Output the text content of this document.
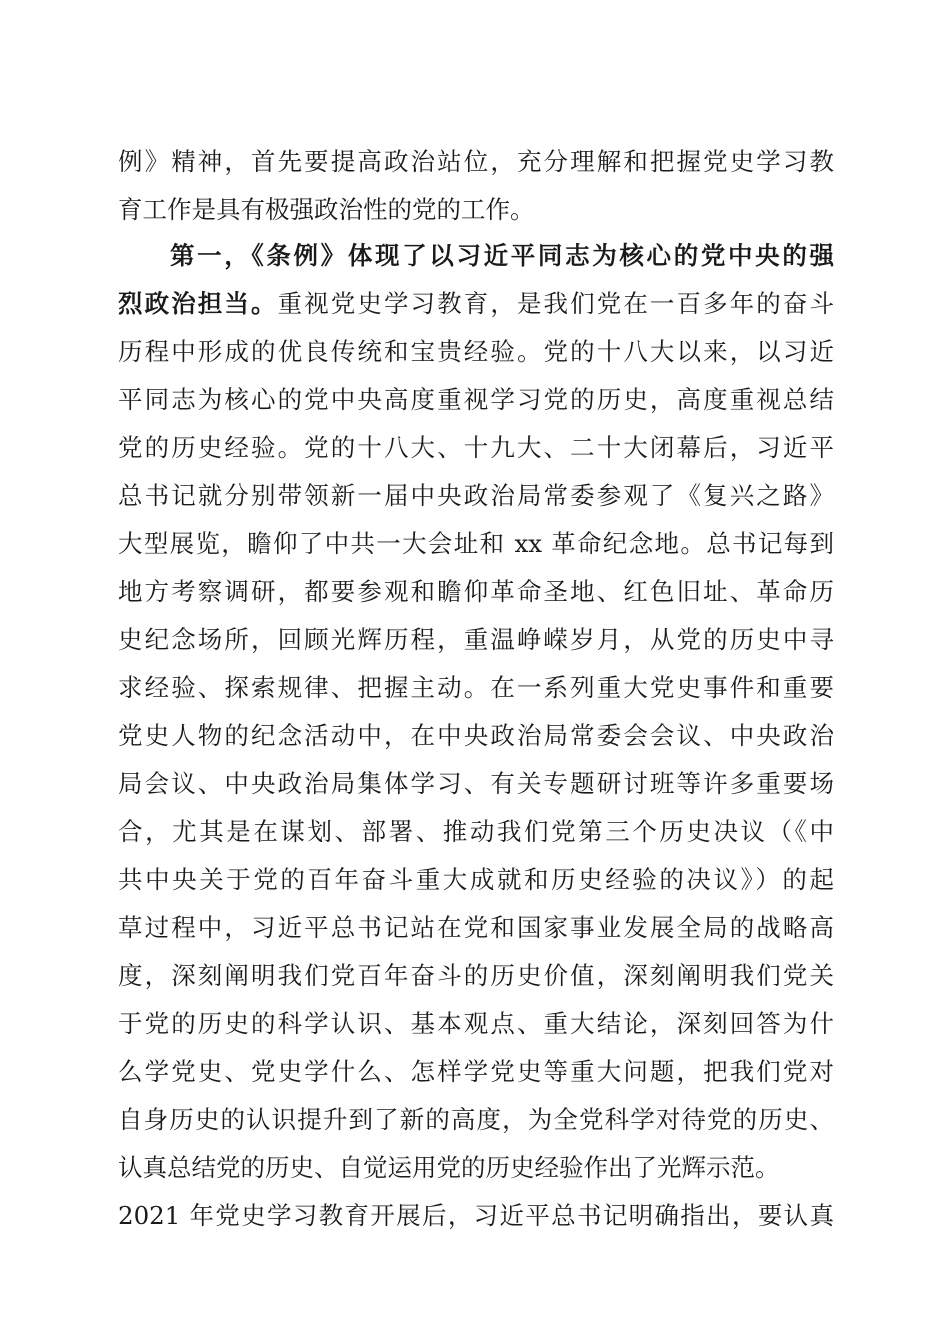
例》精神，首先要提高政治站位，充分理解和把握党史学习教
育工作是具有极强政治性的党的工作。
第一，《条例》体现了以习近平同志为核心的党中央的强
烈政治担当。重视党史学习教育，是我们党在一百多年的奋斗
历程中形成的优良传统和宝贵经验。党的十八大以来，以习近
平同志为核心的党中央高度重视学习党的历史，高度重视总结
党的历史经验。党的十八大、十九大、二十大闭幕后，习近平
总书记就分别带领新一届中央政治局常委参观了《复兴之路》
大型展览，瞻仰了中共一大会址和 xx 革命纪念地。总书记每到
地方考察调研，都要参观和瞻仰革命圣地、红色旧址、革命历
史纪念场所，回顾光辉历程，重温峥嵘岁月，从党的历史中寻
求经验、探索规律、把握主动。在一系列重大党史事件和重要
党史人物的纪念活动中，在中央政治局常委会会议、中央政治
局会议、中央政治局集体学习、有关专题研讨班等许多重要场
合，尤其是在谋划、部署、推动我们党第三个历史决议（《中
共中央关于党的百年奋斗重大成就和历史经验的决议》）的起
草过程中，习近平总书记站在党和国家事业发展全局的战略高
度，深刻阐明我们党百年奋斗的历史价值，深刻阐明我们党关
于党的历史的科学认识、基本观点、重大结论，深刻回答为什
么学党史、党史学什么、怎样学党史等重大问题，把我们党对
自身历史的认识提升到了新的高度，为全党科学对待党的历史、
认真总结党的历史、自觉运用党的历史经验作出了光辉示范。
2021 年党史学习教育开展后，习近平总书记明确指出，要认真
